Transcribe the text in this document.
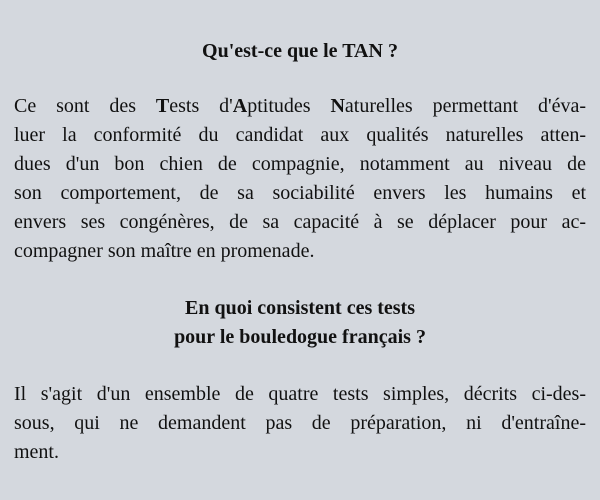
Qu'est-ce que le TAN ?

Ce sont des Tests d'Aptitudes Naturelles permettant d'éva-
luer la conformité du candidat aux qualités naturelles atten-
dues d'un bon chien de compagnie, notamment au niveau de
son comportement, de sa sociabilité envers les humains et
envers ses congénères, de sa capacité à se déplacer pour ac-
compagner son maître en promenade.

En quoi consistent ces tests
pour le bouledogue français ?

Il s'agit d'un ensemble de quatre tests simples, décrits ci-des-
sous, qui ne demandent pas de préparation, ni d'entraîne-
ment.
